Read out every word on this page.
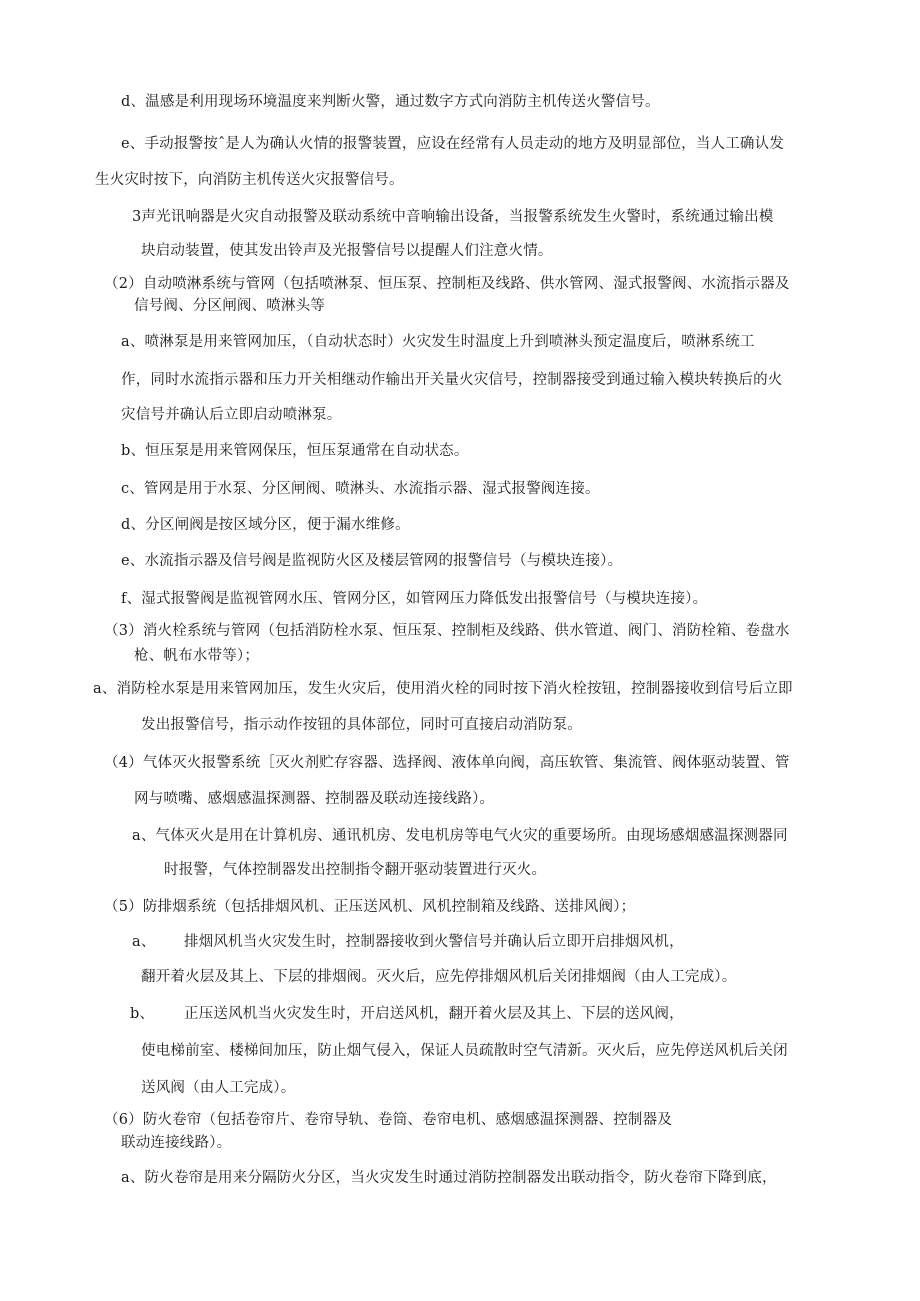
d、温感是利用现场环境温度来判断火警，通过数字方式向消防主机传送火警信号。
e、手动报警按ˆ是人为确认火情的报警装置，应设在经常有人员走动的地方及明显部位，当人工确认发
生火灾时按下，向消防主机传送火灾报警信号。
3声光讯响器是火灾自动报警及联动系统中音响输出设备，当报警系统发生火警时，系统通过输出模
块启动装置，使其发出铃声及光报警信号以提醒人们注意火情。
（2）自动喷淋系统与管网（包括喷淋泵、恒压泵、控制柜及线路、供水管网、湿式报警阀、水流指示器及
信号阀、分区闸阀、喷淋头等
a、喷淋泵是用来管网加压，（自动状态时）火灾发生时温度上升到喷淋头预定温度后，喷淋系统工
作，同时水流指示器和压力开关相继动作输出开关量火灾信号，控制器接受到通过输入模块转换后的火
灾信号并确认后立即启动喷淋泵。
b、恒压泵是用来管网保压，恒压泵通常在自动状态。
c、管网是用于水泵、分区闸阀、喷淋头、水流指示器、湿式报警阀连接。
d、分区闸阀是按区域分区，便于漏水维修。
e、水流指示器及信号阀是监视防火区及楼层管网的报警信号（与模块连接）。
f、湿式报警阀是监视管网水压、管网分区，如管网压力降低发出报警信号（与模块连接）。
（3）消火栓系统与管网（包括消防栓水泵、恒压泵、控制柜及线路、供水管道、阀门、消防栓箱、卷盘水
枪、帆布水带等）；
a、消防栓水泵是用来管网加压，发生火灾后，使用消火栓的同时按下消火栓按钮，控制器接收到信号后立即
发出报警信号，指示动作按钮的具体部位，同时可直接启动消防泵。
（4）气体灭火报警系统［灭火剂贮存容器、选择阀、液体单向阀，高压软管、集流管、阀体驱动装置、管
网与喷嘴、感烟感温探测器、控制器及联动连接线路）。
a、气体灭火是用在计算机房、通讯机房、发电机房等电气火灾的重要场所。由现场感烟感温探测器同
时报警，气体控制器发出控制指令翻开驱动装置进行灭火。
（5）防排烟系统（包括排烟风机、正压送风机、风机控制箱及线路、送排风阀）；
a、 排烟风机当火灾发生时，控制器接收到火警信号并确认后立即开启排烟风机，
翻开着火层及其上、下层的排烟阀。灭火后，应先停排烟风机后关闭排烟阀（由人工完成）。
b、 正压送风机当火灾发生时，开启送风机，翻开着火层及其上、下层的送风阀，
使电梯前室、楼梯间加压，防止烟气侵入，保证人员疏散时空气清新。灭火后，应先停送风机后关闭
送风阀（由人工完成）。
（6）防火卷帘（包括卷帘片、卷帘导轨、卷筒、卷帘电机、感烟感温探测器、控制器及
联动连接线路）。
a、防火卷帘是用来分隔防火分区，当火灾发生时通过消防控制器发出联动指令，防火卷帘下降到底，
